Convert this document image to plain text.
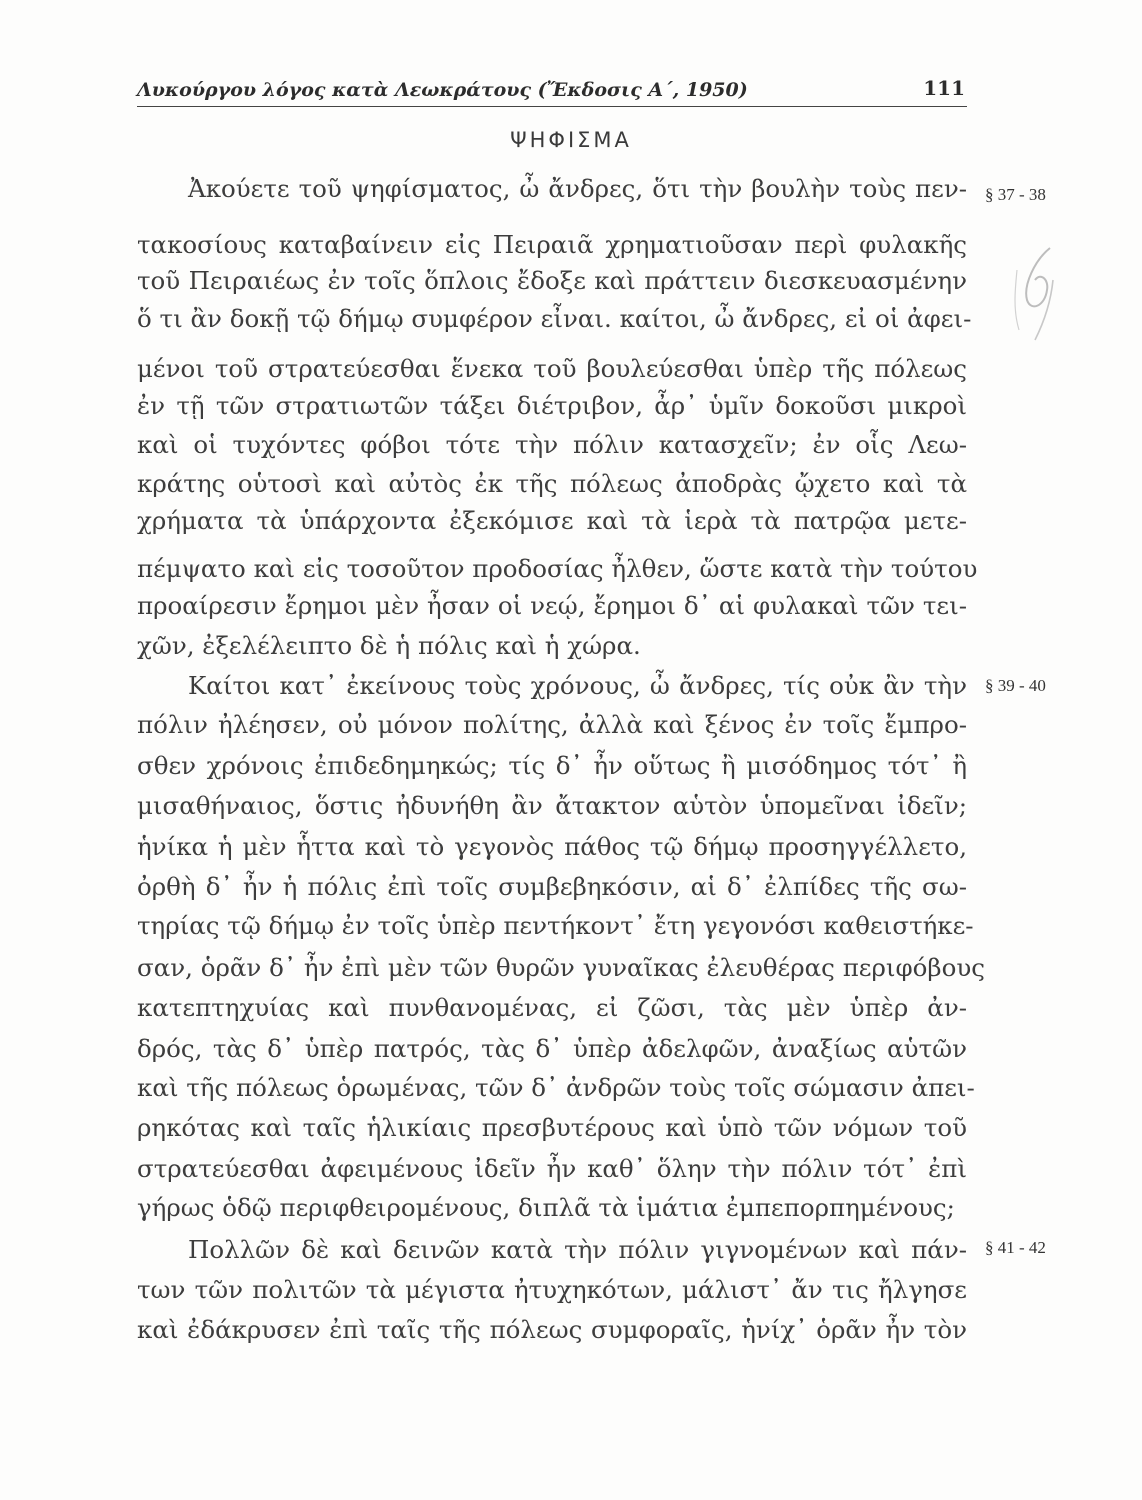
Λυκούργου λόγος κατὰ Λεωκράτους (Ἔκδοσις Α΄, 1950)	111
ΨΗΦΙΣΜΑ
Ἀκούετε τοῦ ψηφίσματος, ὦ ἄνδρες, ὅτι τὴν βουλὴν τοὺς πεν-
τακοσίους καταβαίνειν εἰς Πειραιᾶ χρηματιοῦσαν περὶ φυλακῆς
τοῦ Πειραιέως ἐν τοῖς ὅπλοις ἔδοξε καὶ πράττειν διεσκευασμένην
ὅ τι ἂν δοκῇ τῷ δήμῳ συμφέρον εἶναι. καίτοι, ὦ ἄνδρες, εἰ οἱ ἀφει-
μένοι τοῦ στρατεύεσθαι ἕνεκα τοῦ βουλεύεσθαι ὑπὲρ τῆς πόλεως
ἐν τῇ τῶν στρατιωτῶν τάξει διέτριβον, ἆρ᾽ ὑμῖν δοκοῦσι μικροὶ
καὶ οἱ τυχόντες φόβοι τότε τὴν πόλιν κατασχεῖν; ἐν οἷς Λεω-
κράτης οὑτοσὶ καὶ αὐτὸς ἐκ τῆς πόλεως ἀποδρὰς ᾤχετο καὶ τὰ
χρήματα τὰ ὑπάρχοντα ἐξεκόμισε καὶ τὰ ἱερὰ τὰ πατρῷα μετε-
πέμψατο καὶ εἰς τοσοῦτον προδοσίας ἦλθεν, ὥστε κατὰ τὴν τούτου
προαίρεσιν ἔρημοι μὲν ἦσαν οἱ νεῴ, ἔρημοι δ᾽ αἱ φυλακαὶ τῶν τει-
χῶν, ἐξελέλειπτο δὲ ἡ πόλις καὶ ἡ χώρα.
Καίτοι κατ᾽ ἐκείνους τοὺς χρόνους, ὦ ἄνδρες, τίς οὐκ ἂν τὴν
πόλιν ἠλέησεν, οὐ μόνον πολίτης, ἀλλὰ καὶ ξένος ἐν τοῖς ἔμπρο-
σθεν χρόνοις ἐπιδεδημηκώς; τίς δ᾽ ἦν οὕτως ἢ μισόδημος τότ᾽ ἢ
μισαθήναιος, ὅστις ἠδυνήθη ἂν ἄτακτον αὑτὸν ὑπομεῖναι ἰδεῖν;
ἡνίκα ἡ μὲν ἧττα καὶ τὸ γεγονὸς πάθος τῷ δήμῳ προσηγγέλλετο,
ὀρθὴ δ᾽ ἦν ἡ πόλις ἐπὶ τοῖς συμβεβηκόσιν, αἱ δ᾽ ἐλπίδες τῆς σω-
τηρίας τῷ δήμῳ ἐν τοῖς ὑπὲρ πεντήκοντ᾽ ἔτη γεγονόσι καθειστήκε-
σαν, ὁρᾶν δ᾽ ἦν ἐπὶ μὲν τῶν θυρῶν γυναῖκας ἐλευθέρας περιφόβους
κατεπτηχυίας καὶ πυνθανομένας, εἰ ζῶσι, τὰς μὲν ὑπὲρ ἀν-
δρός, τὰς δ᾽ ὑπὲρ πατρός, τὰς δ᾽ ὑπὲρ ἀδελφῶν, ἀναξίως αὑτῶν
καὶ τῆς πόλεως ὁρωμένας, τῶν δ᾽ ἀνδρῶν τοὺς τοῖς σώμασιν ἀπει-
ρηκότας καὶ ταῖς ἡλικίαις πρεσβυτέρους καὶ ὑπὸ τῶν νόμων τοῦ
στρατεύεσθαι ἀφειμένους ἰδεῖν ἦν καθ᾽ ὅλην τὴν πόλιν τότ᾽ ἐπὶ
γήρως ὁδῷ περιφθειρομένους, διπλᾶ τὰ ἱμάτια ἐμπεπορπημένους;
Πολλῶν δὲ καὶ δεινῶν κατὰ τὴν πόλιν γιγνομένων καὶ πάν-
των τῶν πολιτῶν τὰ μέγιστα ἠτυχηκότων, μάλιστ᾽ ἄν τις ἤλγησε
καὶ ἐδάκρυσεν ἐπὶ ταῖς τῆς πόλεως συμφοραῖς, ἡνίχ᾽ ὁρᾶν ἦν τὸν
§ 37 - 38
§ 39 - 40
§ 41 - 42
